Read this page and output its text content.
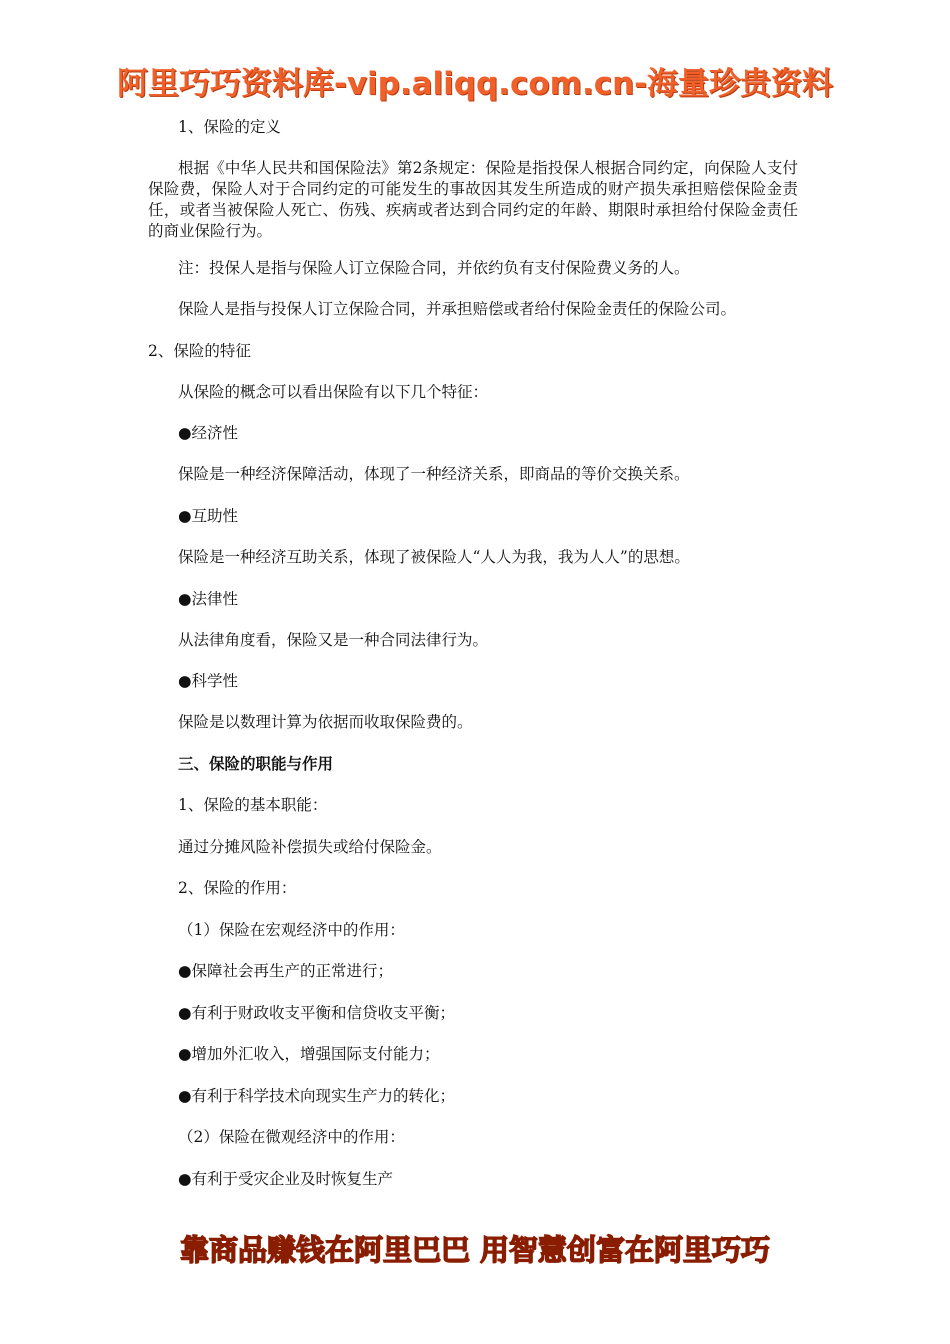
阿里巧巧资料库-vip.aliqq.com.cn-海量珍贵资料
1、保险的定义
根据《中华人民共和国保险法》第2条规定：保险是指投保人根据合同约定，向保险人支付保险费，保险人对于合同约定的可能发生的事故因其发生所造成的财产损失承担赔偿保险金责任，或者当被保险人死亡、伤残、疾病或者达到合同约定的年龄、期限时承担给付保险金责任的商业保险行为。
注：投保人是指与保险人订立保险合同，并依约负有支付保险费义务的人。
保险人是指与投保人订立保险合同，并承担赔偿或者给付保险金责任的保险公司。
2、保险的特征
从保险的概念可以看出保险有以下几个特征：
●经济性
保险是一种经济保障活动，体现了一种经济关系，即商品的等价交换关系。
●互助性
保险是一种经济互助关系，体现了被保险人“人人为我，我为人人”的思想。
●法律性
从法律角度看，保险又是一种合同法律行为。
●科学性
保险是以数理计算为依据而收取保险费的。
三、保险的职能与作用
1、保险的基本职能：
通过分摊风险补偿损失或给付保险金。
2、保险的作用：
（1）保险在宏观经济中的作用：
●保障社会再生产的正常进行；
●有利于财政收支平衡和信贷收支平衡；
●增加外汇收入，增强国际支付能力；
●有利于科学技术向现实生产力的转化；
（2）保险在微观经济中的作用：
●有利于受灾企业及时恢复生产
靠商品赚钱在阿里巴巴 用智慧创富在阿里巧巧
